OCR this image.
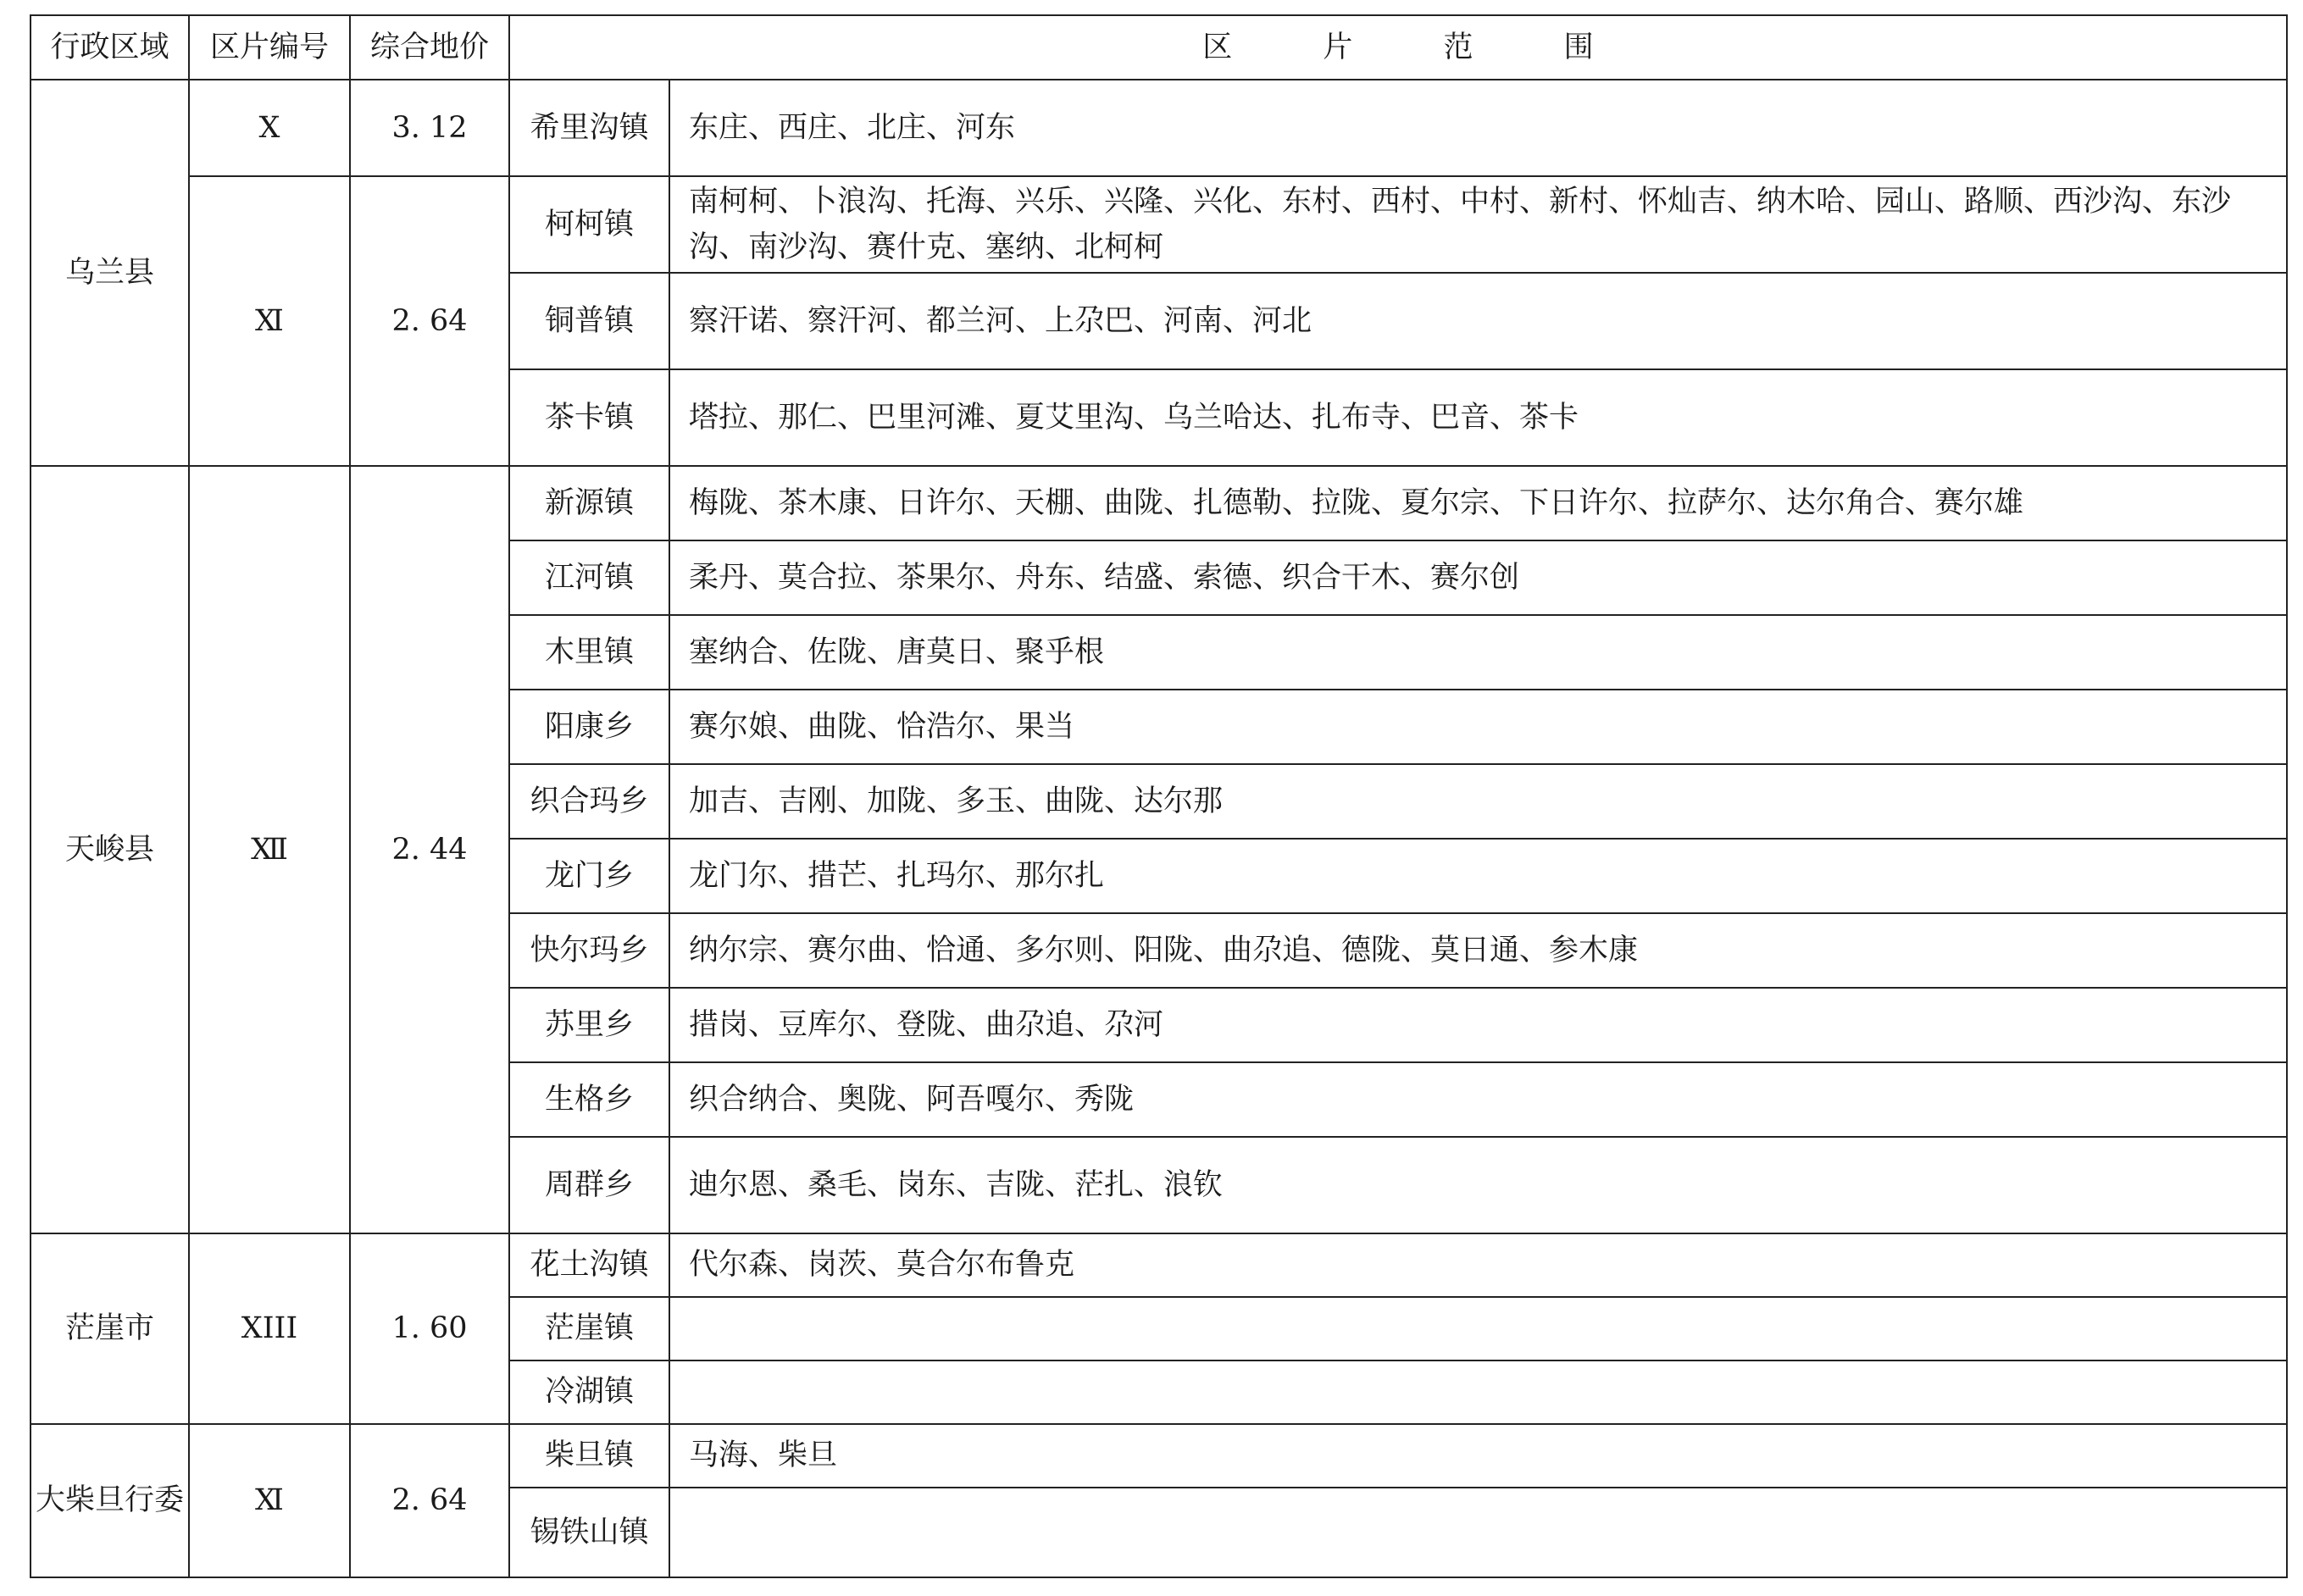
行政区域	区片编号	综合地价	区 片 范 围	
乌兰县	Ⅹ	3. 12	希里沟镇	东庄、西庄、北庄、河东
	Ⅺ	2. 64	柯柯镇	南柯柯、卜浪沟、托海、兴乐、兴隆、兴化、东村、西村、中村、新村、怀灿吉、纳木哈、园山、路顺、西沙沟、东沙沟、南沙沟、赛什克、塞纳、北柯柯
			铜普镇	察汗诺、察汗河、都兰河、上尕巴、河南、河北
			茶卡镇	塔拉、那仁、巴里河滩、夏艾里沟、乌兰哈达、扎布寺、巴音、茶卡
天峻县	Ⅻ	2. 44	新源镇	梅陇、茶木康、日许尔、天棚、曲陇、扎德勒、拉陇、夏尔宗、下日许尔、拉萨尔、达尔角合、赛尔雄
			江河镇	柔丹、莫合拉、茶果尔、舟东、结盛、索德、织合干木、赛尔创
			木里镇	塞纳合、佐陇、唐莫日、聚乎根
			阳康乡	赛尔娘、曲陇、恰浩尔、果当
			织合玛乡	加吉、吉刚、加陇、多玉、曲陇、达尔那
			龙门乡	龙门尔、措芒、扎玛尔、那尔扎
			快尔玛乡	纳尔宗、赛尔曲、恰通、多尔则、阳陇、曲尕追、德陇、莫日通、参木康
			苏里乡	措岗、豆库尔、登陇、曲尕追、尕河
			生格乡	织合纳合、奥陇、阿吾嘎尔、秀陇
			周群乡	迪尔恩、桑毛、岗东、吉陇、茫扎、浪钦
茫崖市	XIII	1. 60	花土沟镇	代尔森、岗茨、莫合尔布鲁克
			茫崖镇	
			冷湖镇	
大柴旦行委	Ⅺ	2. 64	柴旦镇	马海、柴旦
			锡铁山镇	
